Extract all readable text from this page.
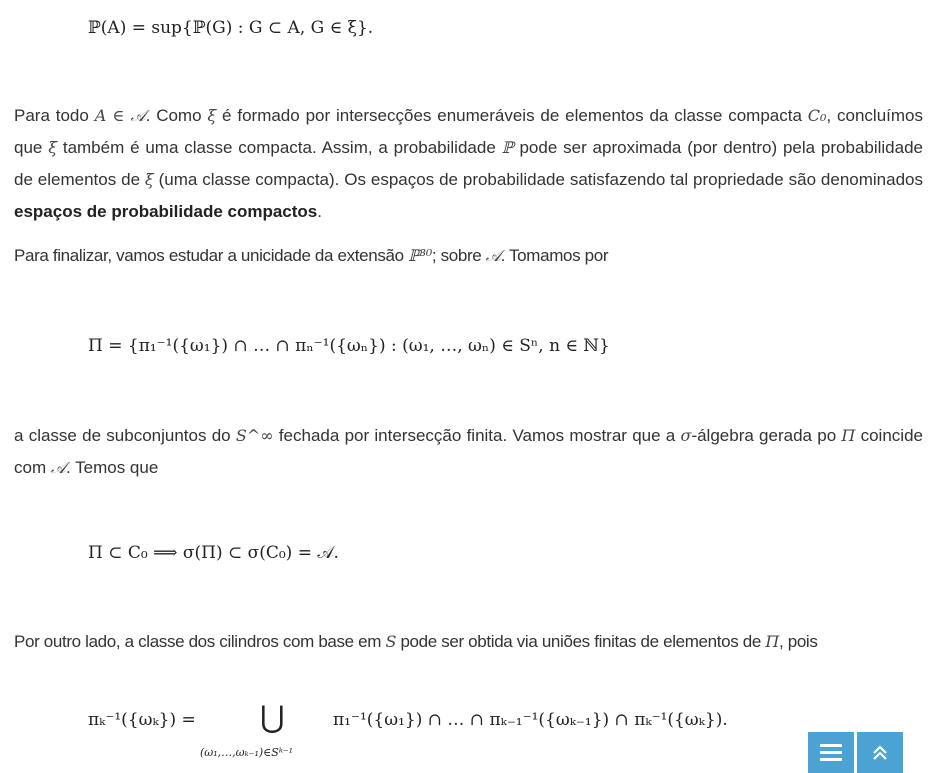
ℙ(A) = sup{ℙ(G) : G ⊂ A, G ∈ ξ}.

Para todo A ∈ 𝒜. Como ξ é formado por intersecções enumeráveis de elementos da classe compacta C₀, concluímos que ξ também é uma classe compacta. Assim, a probabilidade ℙ pode ser aproximada (por dentro) pela probabilidade de elementos de ξ (uma classe compacta). Os espaços de probabilidade satisfazendo tal propriedade são denominados espaços de probabilidade compactos.

Para finalizar, vamos estudar a unicidade da extensão ℙ³⁰; sobre 𝒜. Tomamos por

Π = {π₁⁻¹({ω₁}) ∩ … ∩ πₙ⁻¹({ωₙ}) : (ω₁, …, ωₙ) ∈ Sⁿ, n ∈ ℕ}

a classe de subconjuntos do S^∞ fechada por intersecção finita. Vamos mostrar que a σ-álgebra gerada po Π coincide com 𝒜. Temos que

Π ⊂ C₀ ⟹ σ(Π) ⊂ σ(C₀) = 𝒜.

Por outro lado, a classe dos cilindros com base em S pode ser obtida via uniões finitas de elementos de Π, pois

πₖ⁻¹({ωₖ}) = ⋃
(ω₁,…,ωₖ₋₁)∈Sᵏ⁻¹
π₁⁻¹({ω₁}) ∩ … ∩ πₖ₋₁⁻¹({ωₖ₋₁}) ∩ πₖ⁻¹({ωₖ}).
